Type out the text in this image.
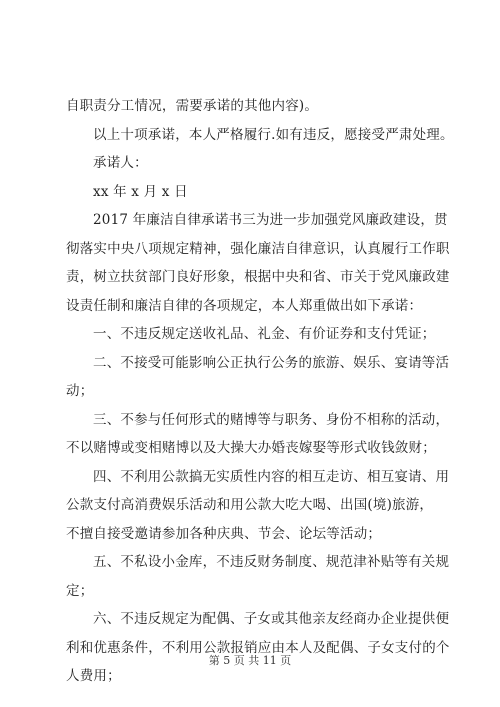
自职责分工情况，需要承诺的其他内容)。
以上十项承诺，本人严格履行.如有违反，愿接受严肃处理。
承诺人：
xx 年 x 月 x 日
2017 年廉洁自律承诺书三为进一步加强党风廉政建设，贯
彻落实中央八项规定精神，强化廉洁自律意识，认真履行工作职
责，树立扶贫部门良好形象，根据中央和省、市关于党风廉政建
设责任制和廉洁自律的各项规定，本人郑重做出如下承诺：
一、不违反规定送收礼品、礼金、有价证券和支付凭证；
二、不接受可能影响公正执行公务的旅游、娱乐、宴请等活
动；
三、不参与任何形式的赌博等与职务、身份不相称的活动，
不以赌博或变相赌博以及大操大办婚丧嫁娶等形式收钱敛财；
四、不利用公款搞无实质性内容的相互走访、相互宴请、用
公款支付高消费娱乐活动和用公款大吃大喝、出国(境)旅游，
不擅自接受邀请参加各种庆典、节会、论坛等活动；
五、不私设小金库，不违反财务制度、规范津补贴等有关规
定；
六、不违反规定为配偶、子女或其他亲友经商办企业提供便
利和优惠条件，不利用公款报销应由本人及配偶、子女支付的个
人费用；
第 5 页 共 11 页
